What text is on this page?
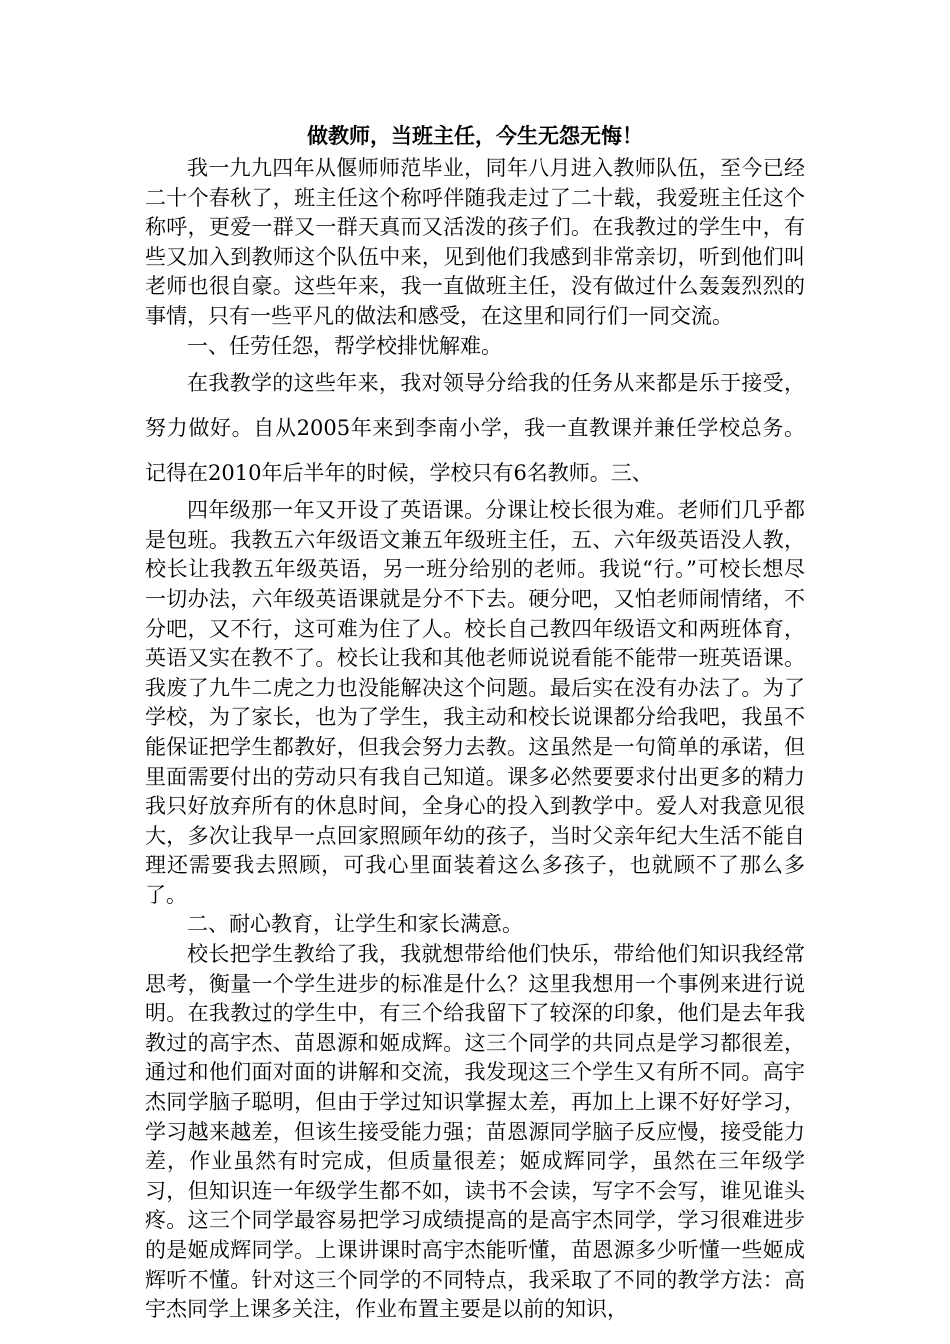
做教师，当班主任，今生无怨无悔！

我一九九四年从偃师师范毕业，同年八月进入教师队伍，至今已经二十个春秋了，班主任这个称呼伴随我走过了二十载，我爱班主任这个称呼，更爱一群又一群天真而又活泼的孩子们。在我教过的学生中，有些又加入到教师这个队伍中来，见到他们我感到非常亲切，听到他们叫老师也很自豪。这些年来，我一直做班主任，没有做过什么轰轰烈烈的事情，只有一些平凡的做法和感受，在这里和同行们一同交流。

一、任劳任怨，帮学校排忧解难。

在我教学的这些年来，我对领导分给我的任务从来都是乐于接受，努力做好。自从2005年来到李南小学，我一直教课并兼任学校总务。记得在2010年后半年的时候，学校只有6名教师。三、

四年级那一年又开设了英语课。分课让校长很为难。老师们几乎都是包班。我教五六年级语文兼五年级班主任，五、六年级英语没人教，校长让我教五年级英语，另一班分给别的老师。我说“行。”可校长想尽一切办法，六年级英语课就是分不下去。硬分吧，又怕老师闹情绪，不分吧，又不行，这可难为住了人。校长自己教四年级语文和两班体育，英语又实在教不了。校长让我和其他老师说说看能不能带一班英语课。我废了九牛二虎之力也没能解决这个问题。最后实在没有办法了。为了学校，为了家长，也为了学生，我主动和校长说课都分给我吧，我虽不能保证把学生都教好，但我会努力去教。这虽然是一句简单的承诺，但里面需要付出的劳动只有我自己知道。课多必然要要求付出更多的精力我只好放弃所有的休息时间，全身心的投入到教学中。爱人对我意见很大，多次让我早一点回家照顾年幼的孩子，当时父亲年纪大生活不能自理还需要我去照顾，可我心里面装着这么多孩子，也就顾不了那么多了。

二、耐心教育，让学生和家长满意。

校长把学生教给了我，我就想带给他们快乐，带给他们知识我经常思考，衡量一个学生进步的标准是什么？这里我想用一个事例来进行说明。在我教过的学生中，有三个给我留下了较深的印象，他们是去年我教过的高宇杰、苗恩源和姬成辉。这三个同学的共同点是学习都很差，通过和他们面对面的讲解和交流，我发现这三个学生又有所不同。高宇杰同学脑子聪明，但由于学过知识掌握太差，再加上上课不好好学习，学习越来越差，但该生接受能力强；苗恩源同学脑子反应慢，接受能力差，作业虽然有时完成，但质量很差；姬成辉同学，虽然在三年级学习，但知识连一年级学生都不如，读书不会读，写字不会写，谁见谁头疼。这三个同学最容易把学习成绩提高的是高宇杰同学，学习很难进步的是姬成辉同学。上课讲课时高宇杰能听懂，苗恩源多少听懂一些姬成辉听不懂。针对这三个同学的不同特点，我采取了不同的教学方法：高宇杰同学上课多关注，作业布置主要是以前的知识，
